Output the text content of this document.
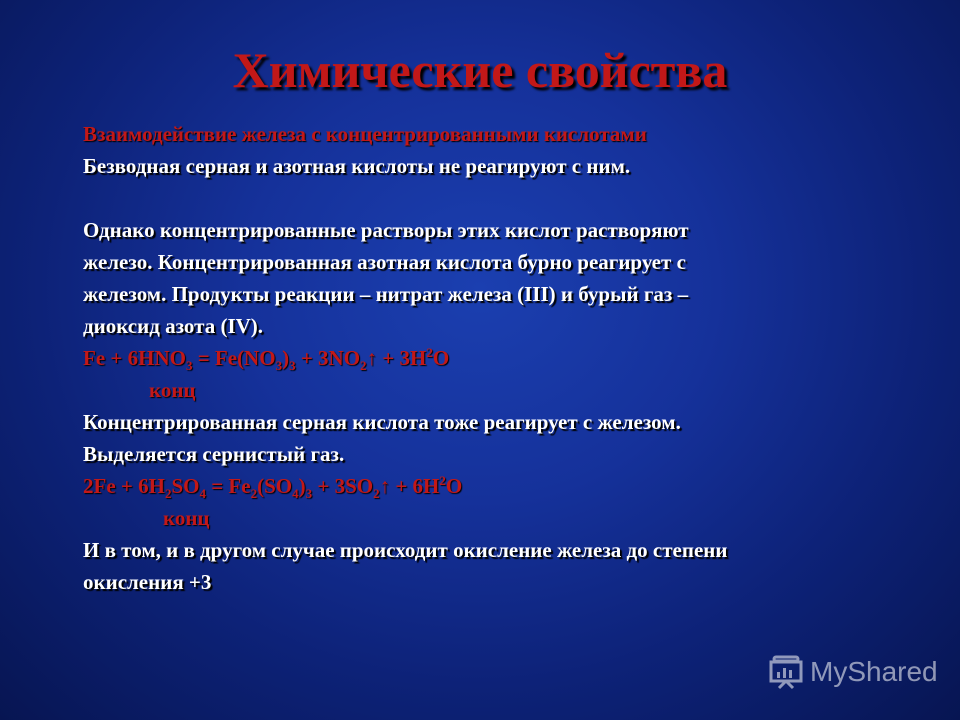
Химические свойства
Взаимодействие железа с концентрированными кислотами
Безводная серная и азотная кислоты не реагируют с ним.
Однако концентрированные растворы этих кислот растворяют
железо. Концентрированная азотная кислота бурно реагирует с
железом. Продукты реакции – нитрат железа (III) и бурый газ –
диоксид азота (IV).
$Fe + 6HNO_3 = Fe(NO_3)_3$ + $3NO_2↑ + 3H^2O$
конц
Концентрированная серная кислота тоже реагирует с железом.
Выделяется сернистый газ.
$2Fe + 6H_2SO_4 = Fe_2(SO_4)_3$ + $3SO_2↑ + 6H^2O$
конц
И в том, и в другом случае происходит окисление железа до степени
окисления +3
MyShared
